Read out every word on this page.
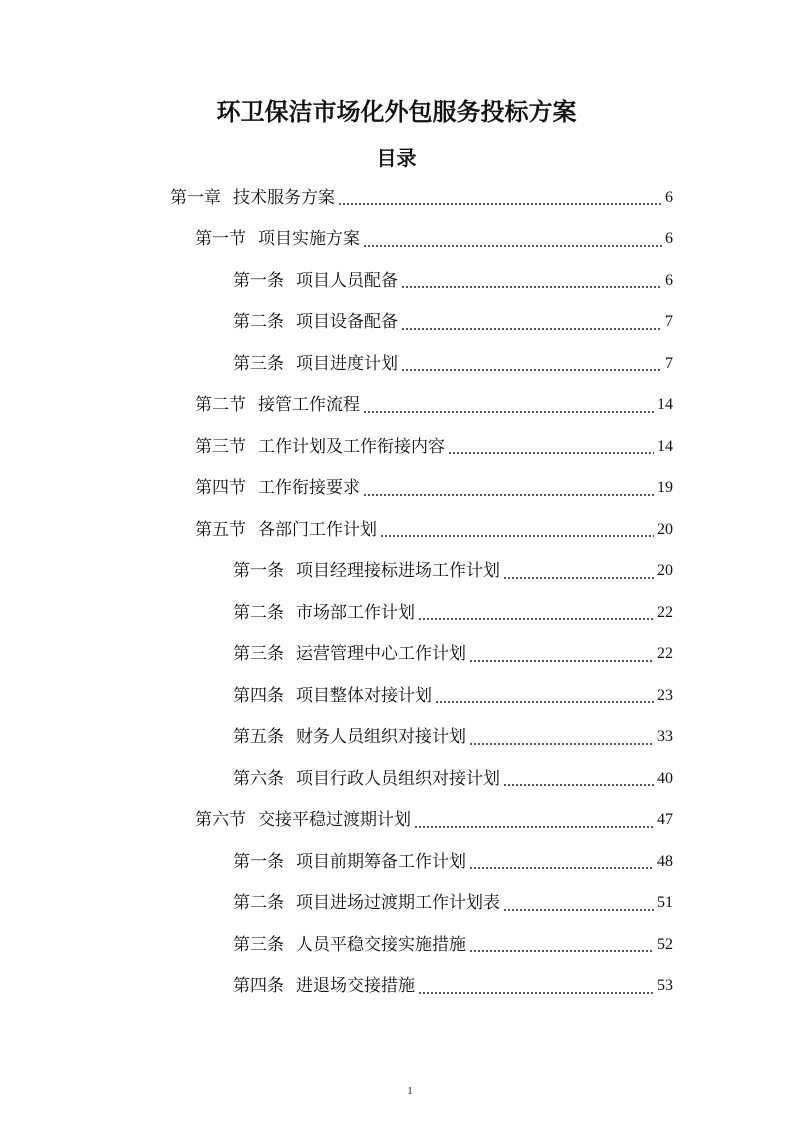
环卫保洁市场化外包服务投标方案
目录
第一章 技术服务方案	6
第一节 项目实施方案	6
第一条 项目人员配备	6
第二条 项目设备配备	7
第三条 项目进度计划	7
第二节 接管工作流程	14
第三节 工作计划及工作衔接内容	14
第四节 工作衔接要求	19
第五节 各部门工作计划	20
第一条 项目经理接标进场工作计划	20
第二条 市场部工作计划	22
第三条 运营管理中心工作计划	22
第四条 项目整体对接计划	23
第五条 财务人员组织对接计划	33
第六条 项目行政人员组织对接计划	40
第六节 交接平稳过渡期计划	47
第一条 项目前期筹备工作计划	48
第二条 项目进场过渡期工作计划表	51
第三条 人员平稳交接实施措施	52
第四条 进退场交接措施	53
1
